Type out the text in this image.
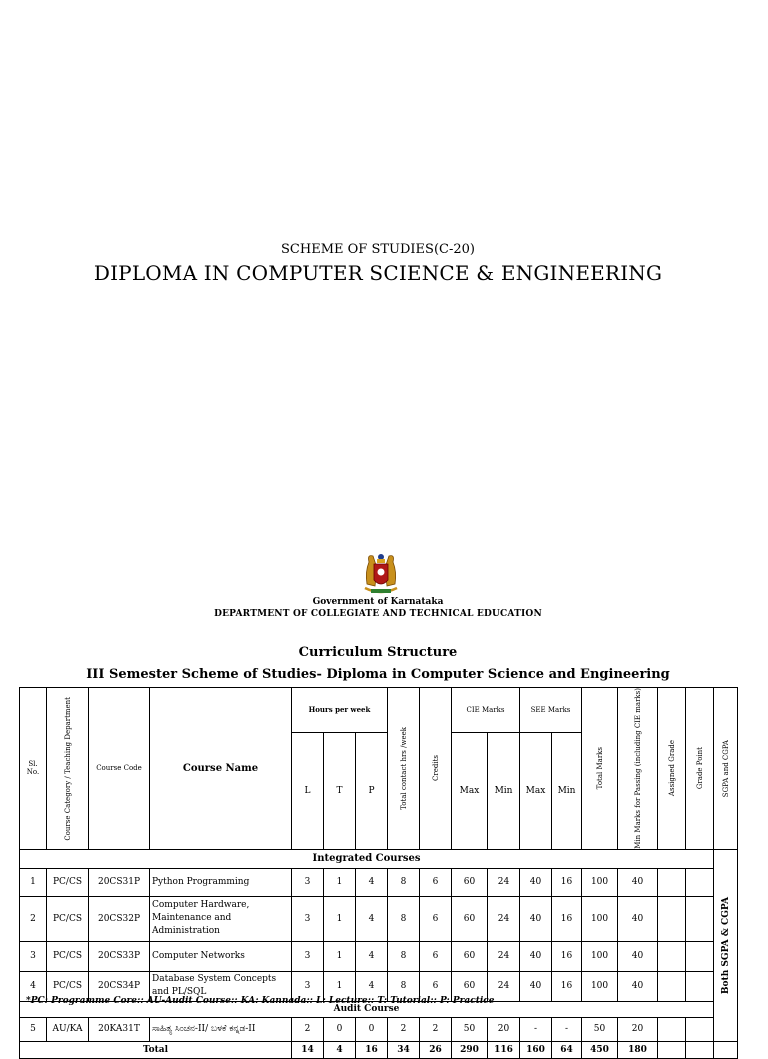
SCHEME OF STUDIES(C-20)
DIPLOMA IN COMPUTER SCIENCE & ENGINEERING
Government of Karnataka
DEPARTMENT OF COLLEGIATE AND TECHNICAL EDUCATION
Curriculum Structure
III Semester Scheme of Studies- Diploma in Computer Science and Engineering
Sl. No.	Course Category / Teaching Department	Course Code	Course Name	Hours per week			Total contact hrs /week	Credits	CIE Marks		SEE Marks		Total Marks	Min Marks for Passing (including CIE marks)	Assigned Grade	Grade Point	SGPA and CGPA

				L	T	P			Max	Min	Max	Min					
Integrated Courses																	Both SGPA & CGPA

1	PC/CS	20CS31P	Python Programming	3	1	4	8	6	60	24	40	16	100	40			
2	PC/CS	20CS32P	Computer Hardware, Maintenance and Administration	3	1	4	8	6	60	24	40	16	100	40			
3	PC/CS	20CS33P	Computer Networks	3	1	4	8	6	60	24	40	16	100	40			
4	PC/CS	20CS34P	Database System Concepts and PL/SQL	3	1	4	8	6	60	24	40	16	100	40			
Audit Course																	
5	AU/KA	20KA31T	ಸಾಹಿತ್ಯ ಸಿಂಚನ-II/ ಬಳಕೆ ಕನ್ನಡ-II	2	0	0	2	2	50	20	-	-	50	20			
Total				14	4	16	34	26	290	116	160	64	450	180			
*PC: Programme Core:: AU-Audit Course:: KA: Kannada:: L: Lecture:: T: Tutorial:: P: Practice
